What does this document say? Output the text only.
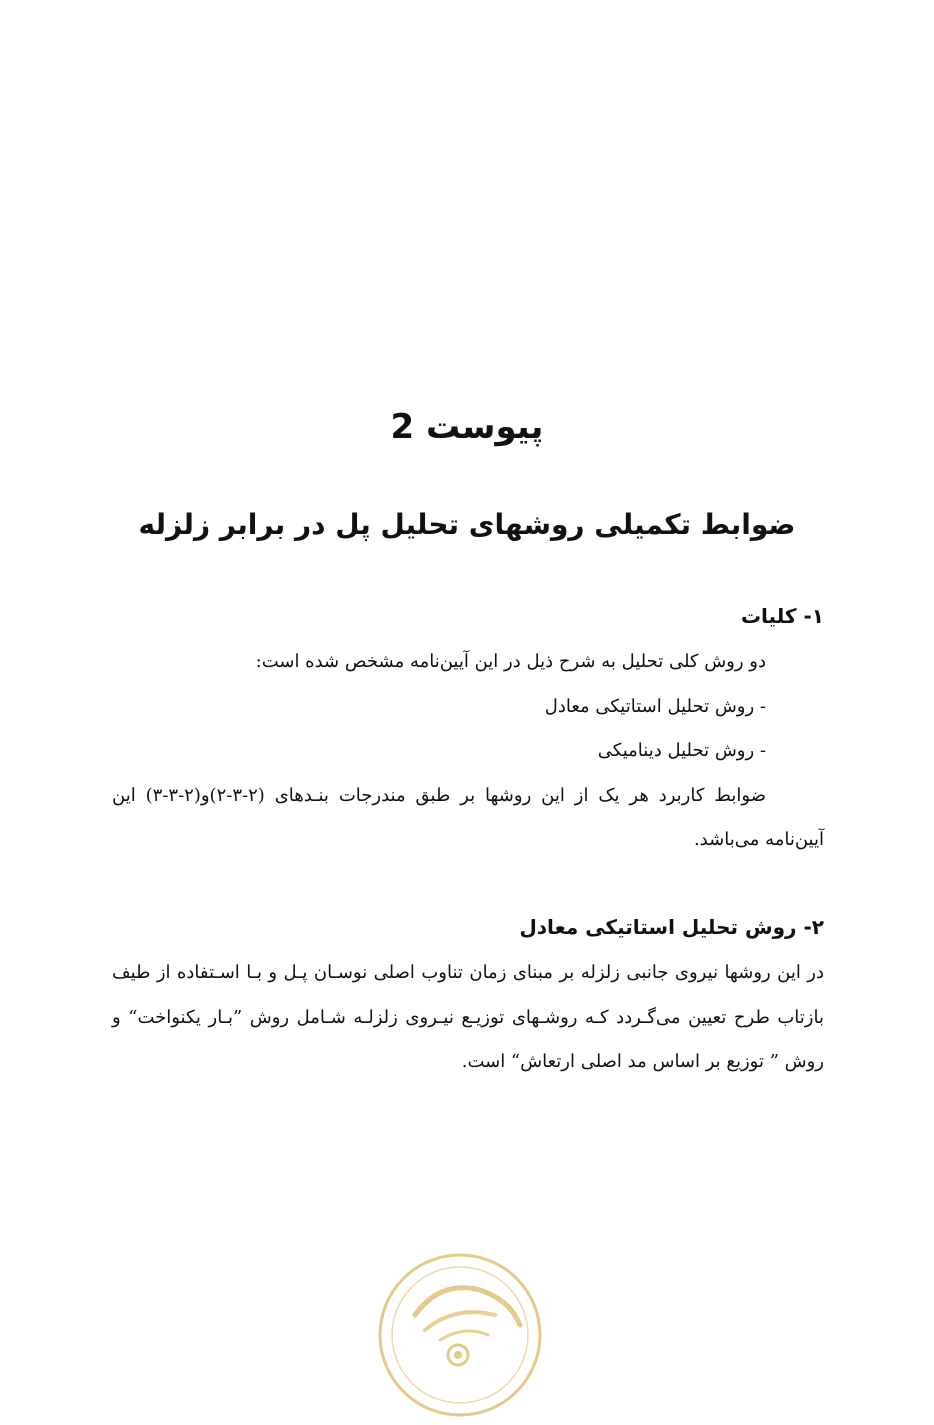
پیوست 2
ضوابط تکمیلی روشهای تحلیل پل در برابر زلزله

۱- کلیات

دو روش کلی تحلیل به شرح ذیل در این آیین‌نامه مشخص شده است:

- روش تحلیل استاتیکی معادل

- روش تحلیل دینامیکی

ضوابط کاربرد هر یک از این روشها بر طبق مندرجات بنـدهای (۲-۳-۲)و(۲-۳-۳) این آیین‌نامه می‌باشد.

۲- روش تحلیل استاتیکی معادل

در این روشها نیروی جانبی زلزله بر مبنای زمان تناوب اصلی نوسـان پـل و بـا اسـتفاده از طیف بازتاب طرح تعیین می‌گـردد کـه روشـهای توزیـع نیـروی زلزلـه شـامل روش ”بـار یکنواخت“ و روش ” توزیع بر اساس مد اصلی ارتعاش“ است.
